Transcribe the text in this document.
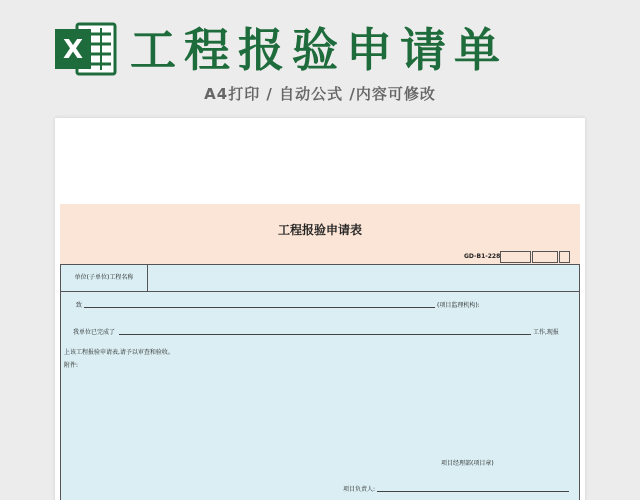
X 工程报验申请单
A4打印 / 自动公式 /内容可修改
工程报验申请表
GD-B1-228
单位(子单位)工程名称
致	(项目监理机构):
我单位已完成了	工作,现报
上该工程报验申请表,请予以审查和验收。
附件:
项目经理部(项目章)
项目负责人:
